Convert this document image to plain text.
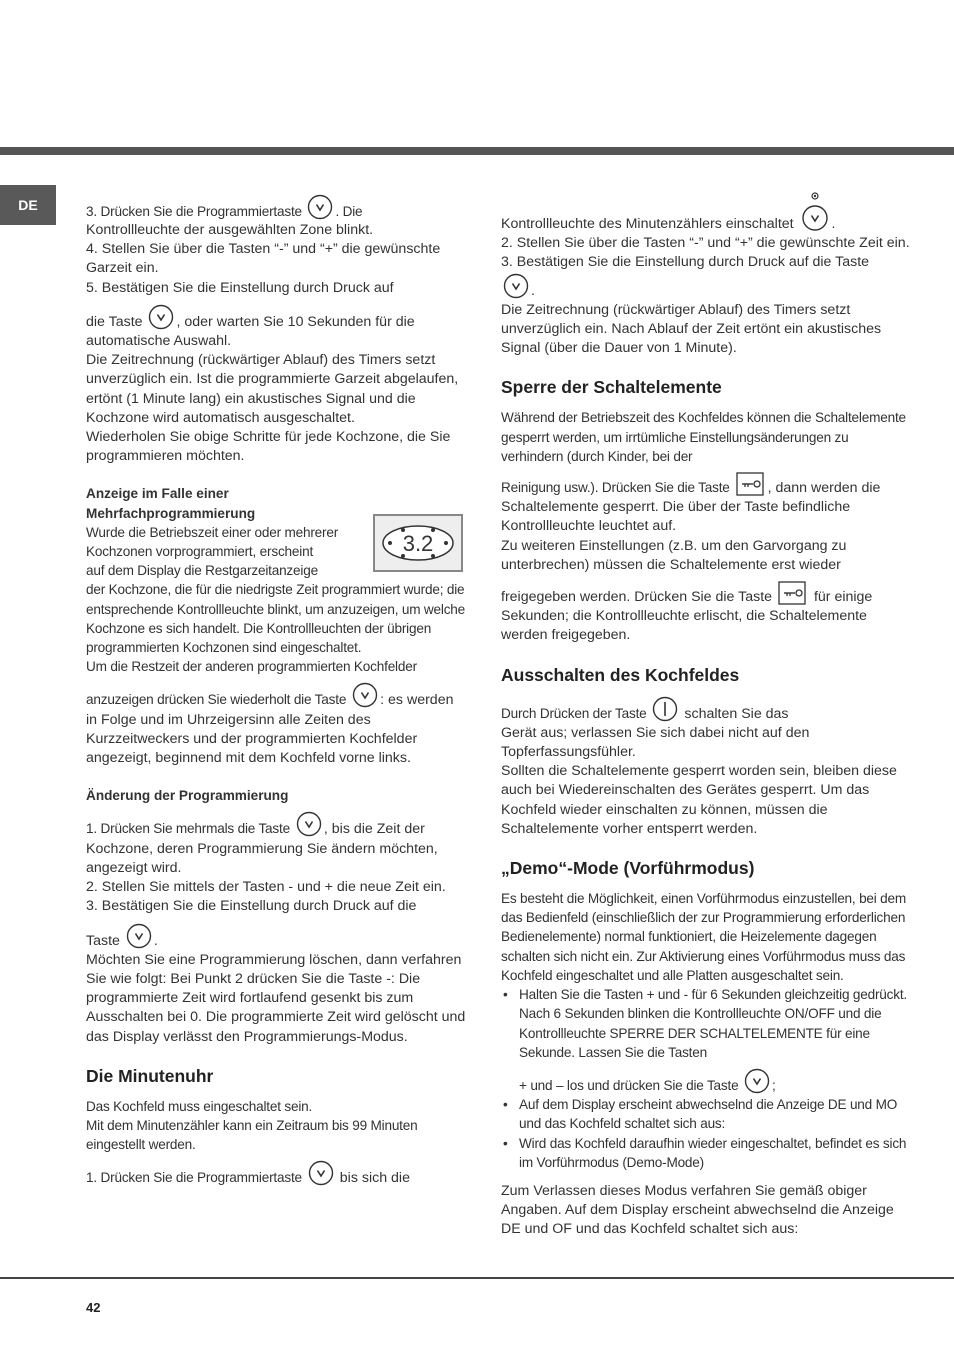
DE	3. Drücken Sie die Programmiertaste . Die

Kontrollleuchte der ausgewählten Zone blinkt.

4. Stellen Sie über die Tasten “-” und “+” die gewünschte Garzeit ein.

5. Bestätigen Sie die Einstellung durch Druck auf

die Taste , oder warten Sie 10 Sekunden für die automatische Auswahl.

Die Zeitrechnung (rückwärtiger Ablauf) des Timers setzt unverzüglich ein. Ist die programmierte Garzeit abgelaufen, ertönt (1 Minute lang) ein akustisches Signal und die Kochzone wird automatisch ausgeschaltet.

Wiederholen Sie obige Schritte für jede Kochzone, die Sie programmieren möchten.

Anzeige im Falle einer

Mehrfachprogrammierung

Wurde die Betriebszeit einer oder mehrerer

Kochzonen vorprogrammiert, erscheint

auf dem Display die Restgarzeitanzeige

der Kochzone, die für die niedrigste Zeit programmiert wurde; die entsprechende Kontrollleuchte blinkt, um anzuzeigen, um welche Kochzone es sich handelt. Die Kontrollleuchten der übrigen programmierten Kochzonen sind eingeschaltet.

Um die Restzeit der anderen programmierten Kochfelder

anzuzeigen drücken Sie wiederholt die Taste : es werden in Folge und im Uhrzeigersinn alle Zeiten des Kurzzeitweckers und der programmierten Kochfelder angezeigt, beginnend mit dem Kochfeld vorne links.

Änderung der Programmierung

1. Drücken Sie mehrmals die Taste , bis die Zeit der Kochzone, deren Programmierung Sie ändern möchten, angezeigt wird.

2. Stellen Sie mittels der Tasten - und + die neue Zeit ein.

3. Bestätigen Sie die Einstellung durch Druck auf die

Taste .

Möchten Sie eine Programmierung löschen, dann verfahren Sie wie folgt: Bei Punkt 2 drücken Sie die Taste -: Die programmierte Zeit wird fortlaufend gesenkt bis zum Ausschalten bei 0. Die programmierte Zeit wird gelöscht und das Display verlässt den Programmierungs-Modus.

Die Minutenuhr

Das Kochfeld muss eingeschaltet sein.

Mit dem Minutenzähler kann ein Zeitraum bis 99 Minuten eingestellt werden.

1. Drücken Sie die Programmiertaste	bis sich die

3.2

Kontrollleuchte des Minutenzählers einschaltet	.

2. Stellen Sie über die Tasten “-” und “+” die gewünschte Zeit ein.

3. Bestätigen Sie die Einstellung durch Druck auf die Taste

.

Die Zeitrechnung (rückwärtiger Ablauf) des Timers setzt unverzüglich ein. Nach Ablauf der Zeit ertönt ein akustisches Signal (über die Dauer von 1 Minute).

Sperre der Schaltelemente

Während der Betriebszeit des Kochfeldes können die Schaltelemente gesperrt werden, um irrtümliche Einstellungsänderungen zu verhindern (durch Kinder, bei der

Reinigung usw.). Drücken Sie die Taste	, dann werden die Schaltelemente gesperrt. Die über der Taste befindliche Kontrollleuchte leuchtet auf.

Zu weiteren Einstellungen (z.B. um den Garvorgang zu unterbrechen) müssen die Schaltelemente erst wieder

freigegeben werden. Drücken Sie die Taste	für einige Sekunden; die Kontrollleuchte erlischt, die Schaltelemente werden freigegeben.

Ausschalten des Kochfeldes

Durch Drücken der Taste	schalten Sie das

Gerät aus; verlassen Sie sich dabei nicht auf den Topferfassungsfühler.

Sollten die Schaltelemente gesperrt worden sein, bleiben diese auch bei Wiedereinschalten des Gerätes gesperrt. Um das Kochfeld wieder einschalten zu können, müssen die Schaltelemente vorher entsperrt werden.

„Demo“-Mode (Vorführmodus)

Es besteht die Möglichkeit, einen Vorführmodus einzustellen, bei dem das Bedienfeld (einschließlich der zur Programmierung erforderlichen Bedienelemente) normal funktioniert, die Heizelemente dagegen schalten sich nicht ein. Zur Aktivierung eines Vorführmodus muss das Kochfeld eingeschaltet und alle Platten ausgeschaltet sein.

• Halten Sie die Tasten + und - für 6 Sekunden gleichzeitig gedrückt. Nach 6 Sekunden blinken die Kontrollleuchte ON/OFF und die Kontrollleuchte SPERRE DER SCHALTELEMENTE für eine Sekunde. Lassen Sie die Tasten
+ und – los und drücken Sie die Taste ;
• Auf dem Display erscheint abwechselnd die Anzeige DE und MO und das Kochfeld schaltet sich aus:
• Wird das Kochfeld daraufhin wieder eingeschaltet, befindet es sich im Vorführmodus (Demo-Mode)

Zum Verlassen dieses Modus verfahren Sie gemäß obiger Angaben. Auf dem Display erscheint abwechselnd die Anzeige DE und OF und das Kochfeld schaltet sich aus:

42
